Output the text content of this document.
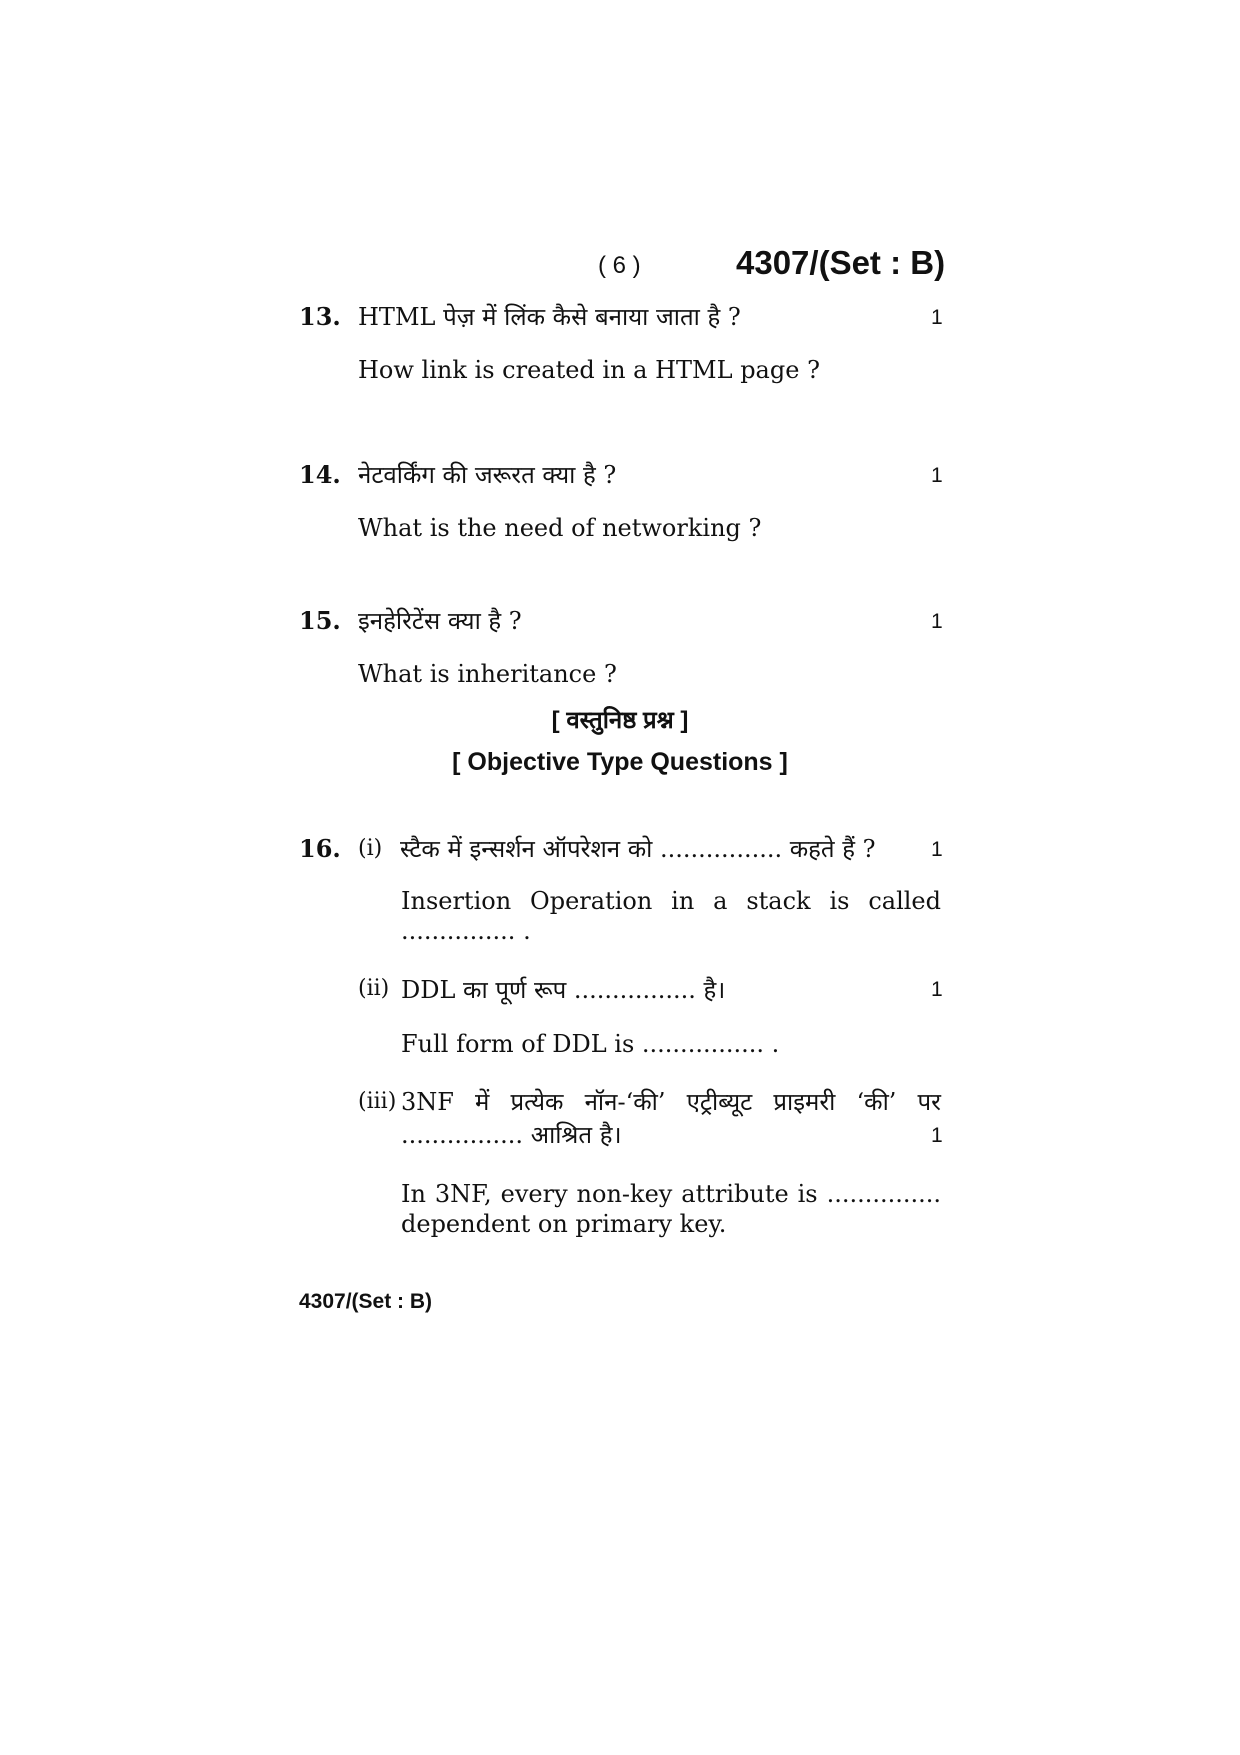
( 6 )	4307/(Set : B)
13. HTML पेज़ में लिंक कैसे बनाया जाता है ?	1
How link is created in a HTML page ?
14. नेटवर्किंग की जरूरत क्या है ?	1
What is the need of networking ?
15. इनहेरिटेंस क्या है ?	1
What is inheritance ?
[ वस्तुनिष्ठ प्रश्न ]
[ Objective Type Questions ]
16. (i) स्टैक में इन्सर्शन ऑपरेशन को ................ कहते हैं ?	1
Insertion Operation in a stack is called
............... .
(ii) DDL का पूर्ण रूप ................ है।	1
Full form of DDL is ................ .
(iii) 3NF में प्रत्येक नॉन-‘की’ एट्रीब्यूट प्राइमरी ‘की’ पर
................ आश्रित है।	1
In 3NF, every non-key attribute is ...............
dependent on primary key.
4307/(Set : B)
